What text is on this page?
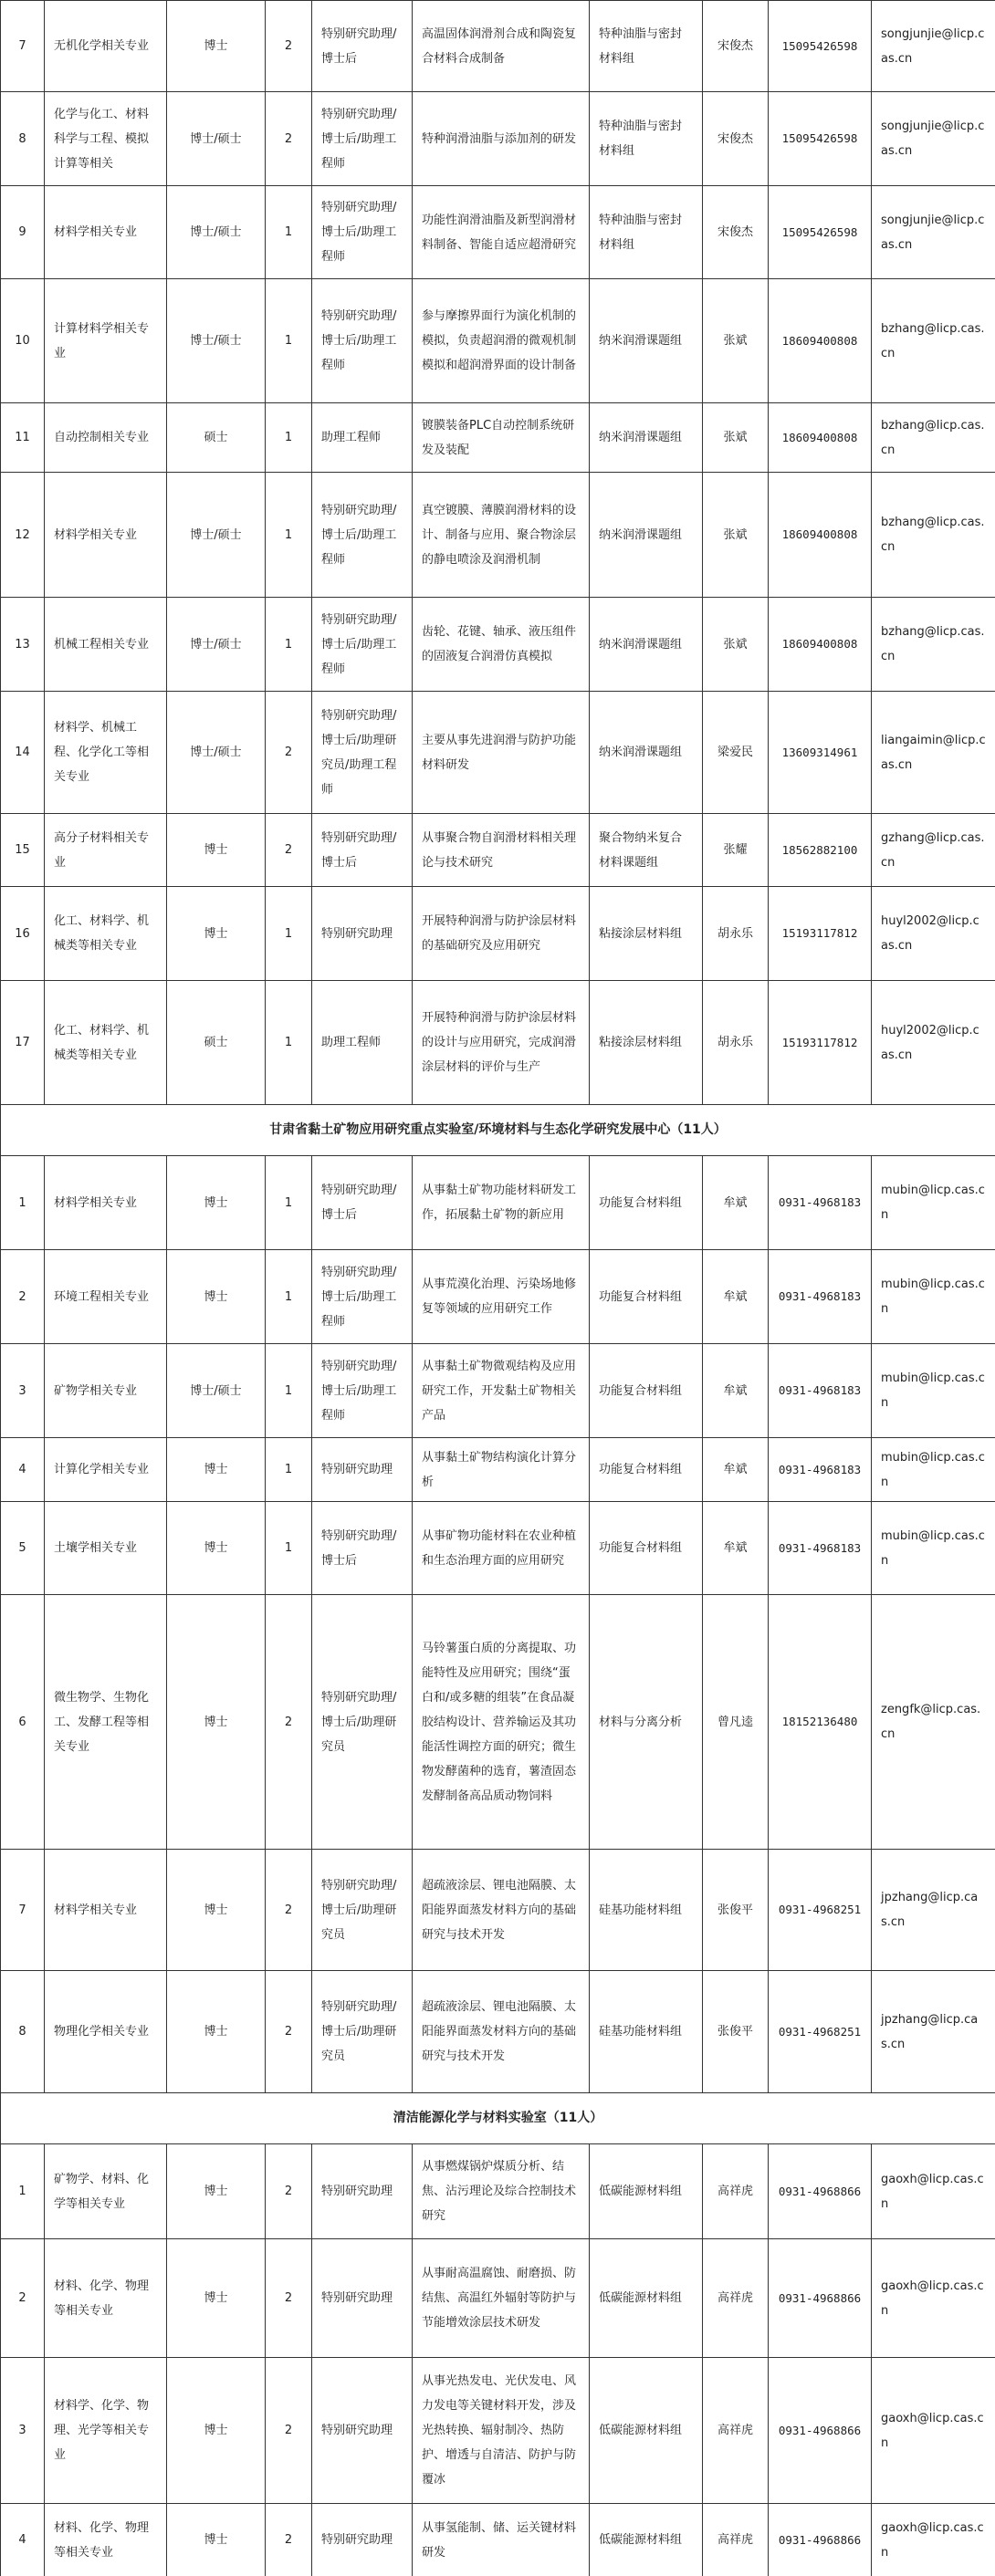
7	无机化学相关专业	博士	2	特别研究助理/博士后	高温固体润滑剂合成和陶瓷复合材料合成制备	特种油脂与密封材料组	宋俊杰	15095426598	songjunjie@licp.cas.cn
8	化学与化工、材料科学与工程、模拟计算等相关	博士/硕士	2	特别研究助理/博士后/助理工程师	特种润滑油脂与添加剂的研发	特种油脂与密封材料组	宋俊杰	15095426598	songjunjie@licp.cas.cn
9	材料学相关专业	博士/硕士	1	特别研究助理/博士后/助理工程师	功能性润滑油脂及新型润滑材料制备、智能自适应超滑研究	特种油脂与密封材料组	宋俊杰	15095426598	songjunjie@licp.cas.cn
10	计算材料学相关专业	博士/硕士	1	特别研究助理/博士后/助理工程师	参与摩擦界面行为演化机制的模拟，负责超润滑的微观机制模拟和超润滑界面的设计制备	纳米润滑课题组	张斌	18609400808	bzhang@licp.cas.cn
11	自动控制相关专业	硕士	1	助理工程师	镀膜装备PLC自动控制系统研发及装配	纳米润滑课题组	张斌	18609400808	bzhang@licp.cas.cn
12	材料学相关专业	博士/硕士	1	特别研究助理/博士后/助理工程师	真空镀膜、薄膜润滑材料的设计、制备与应用、聚合物涂层的静电喷涂及润滑机制	纳米润滑课题组	张斌	18609400808	bzhang@licp.cas.cn
13	机械工程相关专业	博士/硕士	1	特别研究助理/博士后/助理工程师	齿轮、花键、轴承、液压组件的固液复合润滑仿真模拟	纳米润滑课题组	张斌	18609400808	bzhang@licp.cas.cn
14	材料学、机械工程、化学化工等相关专业	博士/硕士	2	特别研究助理/博士后/助理研究员/助理工程师	主要从事先进润滑与防护功能材料研发	纳米润滑课题组	梁爱民	13609314961	liangaimin@licp.cas.cn
15	高分子材料相关专业	博士	2	特别研究助理/博士后	从事聚合物自润滑材料相关理论与技术研究	聚合物纳米复合材料课题组	张耀	18562882100	gzhang@licp.cas.cn
16	化工、材料学、机械类等相关专业	博士	1	特别研究助理	开展特种润滑与防护涂层材料的基础研究及应用研究	粘接涂层材料组	胡永乐	15193117812	huyl2002@licp.cas.cn
17	化工、材料学、机械类等相关专业	硕士	1	助理工程师	开展特种润滑与防护涂层材料的设计与应用研究，完成润滑涂层材料的评价与生产	粘接涂层材料组	胡永乐	15193117812	huyl2002@licp.cas.cn
甘肃省黏土矿物应用研究重点实验室/环境材料与生态化学研究发展中心（11人）									
1	材料学相关专业	博士	1	特别研究助理/博士后	从事黏土矿物功能材料研发工作，拓展黏土矿物的新应用	功能复合材料组	牟斌	0931-4968183	mubin@licp.cas.cn
2	环境工程相关专业	博士	1	特别研究助理/博士后/助理工程师	从事荒漠化治理、污染场地修复等领域的应用研究工作	功能复合材料组	牟斌	0931-4968183	mubin@licp.cas.cn
3	矿物学相关专业	博士/硕士	1	特别研究助理/博士后/助理工程师	从事黏土矿物微观结构及应用研究工作，开发黏土矿物相关产品	功能复合材料组	牟斌	0931-4968183	mubin@licp.cas.cn
4	计算化学相关专业	博士	1	特别研究助理	从事黏土矿物结构演化计算分析	功能复合材料组	牟斌	0931-4968183	mubin@licp.cas.cn
5	土壤学相关专业	博士	1	特别研究助理/博士后	从事矿物功能材料在农业种植和生态治理方面的应用研究	功能复合材料组	牟斌	0931-4968183	mubin@licp.cas.cn
6	微生物学、生物化工、发酵工程等相关专业	博士	2	特别研究助理/博士后/助理研究员	马铃薯蛋白质的分离提取、功能特性及应用研究；围绕“蛋白和/或多糖的组装”在食品凝胶结构设计、营养输运及其功能活性调控方面的研究；微生物发酵菌种的选育，薯渣固态发酵制备高品质动物饲料	材料与分离分析	曾凡逵	18152136480	zengfk@licp.cas.cn
7	材料学相关专业	博士	2	特别研究助理/博士后/助理研究员	超疏液涂层、锂电池隔膜、太阳能界面蒸发材料方向的基础研究与技术开发	硅基功能材料组	张俊平	0931-4968251	jpzhang@licp.cas.cn
8	物理化学相关专业	博士	2	特别研究助理/博士后/助理研究员	超疏液涂层、锂电池隔膜、太阳能界面蒸发材料方向的基础研究与技术开发	硅基功能材料组	张俊平	0931-4968251	jpzhang@licp.cas.cn
清洁能源化学与材料实验室（11人）									
1	矿物学、材料、化学等相关专业	博士	2	特别研究助理	从事燃煤锅炉煤质分析、结焦、沾污理论及综合控制技术研究	低碳能源材料组	高祥虎	0931-4968866	gaoxh@licp.cas.cn
2	材料、化学、物理等相关专业	博士	2	特别研究助理	从事耐高温腐蚀、耐磨损、防结焦、高温红外辐射等防护与节能增效涂层技术研发	低碳能源材料组	高祥虎	0931-4968866	gaoxh@licp.cas.cn
3	材料学、化学、物理、光学等相关专业	博士	2	特别研究助理	从事光热发电、光伏发电、风力发电等关键材料开发，涉及光热转换、辐射制冷、热防护、增透与自清洁、防护与防覆冰	低碳能源材料组	高祥虎	0931-4968866	gaoxh@licp.cas.cn
4	材料、化学、物理等相关专业	博士	2	特别研究助理	从事氢能制、储、运关键材料研发	低碳能源材料组	高祥虎	0931-4968866	gaoxh@licp.cas.cn
